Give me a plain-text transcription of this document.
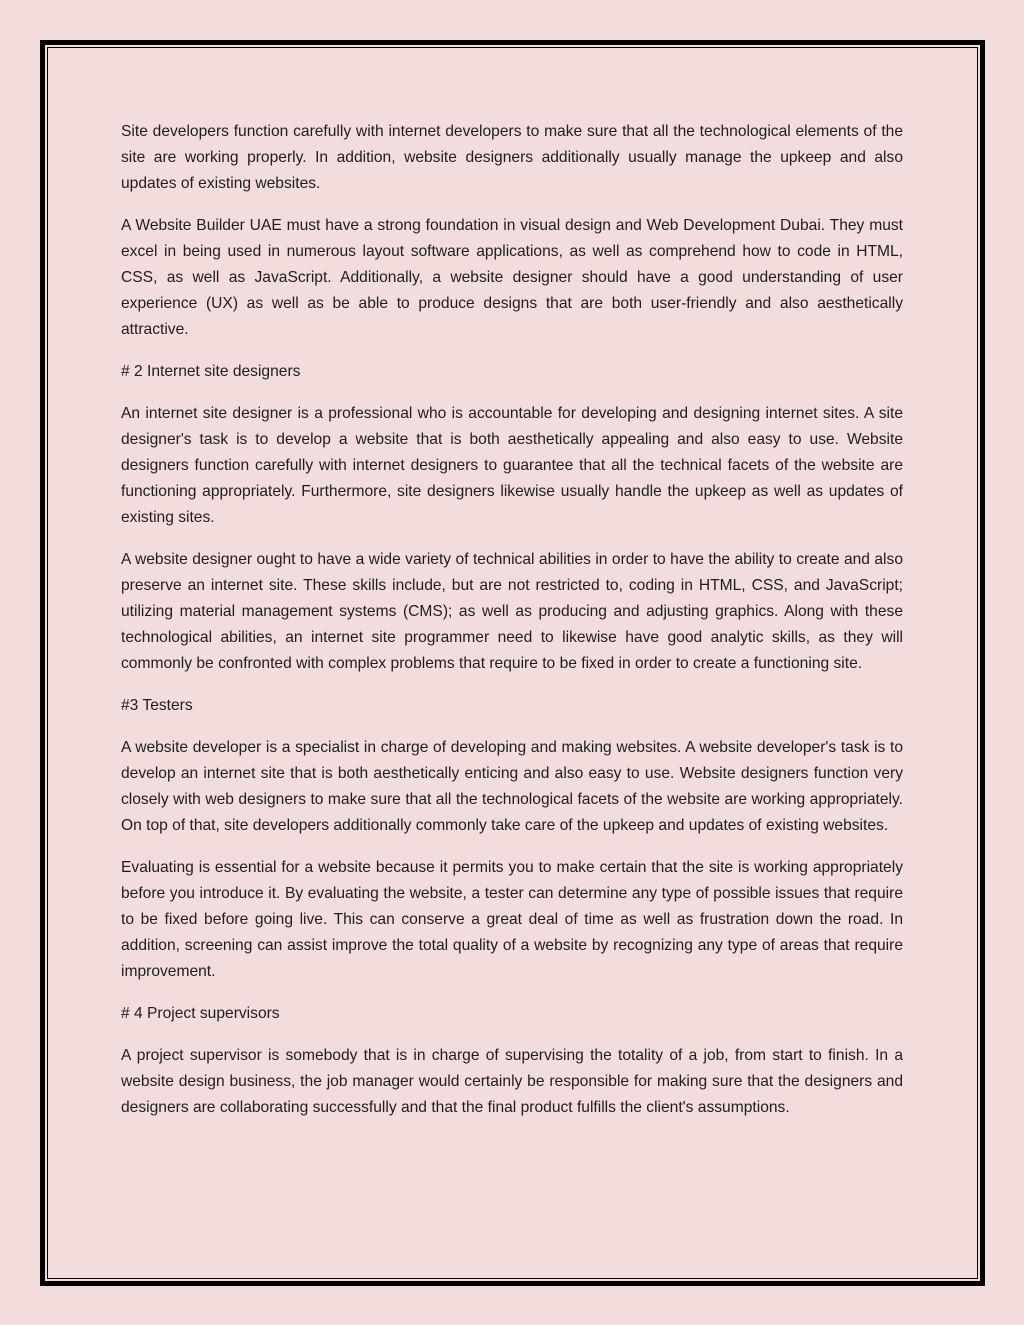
Site developers function carefully with internet developers to make sure that all the technological elements of the site are working properly. In addition, website designers additionally usually manage the upkeep and also updates of existing websites.

A Website Builder UAE must have a strong foundation in visual design and Web Development Dubai. They must excel in being used in numerous layout software applications, as well as comprehend how to code in HTML, CSS, as well as JavaScript. Additionally, a website designer should have a good understanding of user experience (UX) as well as be able to produce designs that are both user-friendly and also aesthetically attractive.

# 2 Internet site designers

An internet site designer is a professional who is accountable for developing and designing internet sites. A site designer's task is to develop a website that is both aesthetically appealing and also easy to use. Website designers function carefully with internet designers to guarantee that all the technical facets of the website are functioning appropriately. Furthermore, site designers likewise usually handle the upkeep as well as updates of existing sites.

A website designer ought to have a wide variety of technical abilities in order to have the ability to create and also preserve an internet site. These skills include, but are not restricted to, coding in HTML, CSS, and JavaScript; utilizing material management systems (CMS); as well as producing and adjusting graphics. Along with these technological abilities, an internet site programmer need to likewise have good analytic skills, as they will commonly be confronted with complex problems that require to be fixed in order to create a functioning site.

#3 Testers

A website developer is a specialist in charge of developing and making websites. A website developer's task is to develop an internet site that is both aesthetically enticing and also easy to use. Website designers function very closely with web designers to make sure that all the technological facets of the website are working appropriately. On top of that, site developers additionally commonly take care of the upkeep and updates of existing websites.

Evaluating is essential for a website because it permits you to make certain that the site is working appropriately before you introduce it. By evaluating the website, a tester can determine any type of possible issues that require to be fixed before going live. This can conserve a great deal of time as well as frustration down the road. In addition, screening can assist improve the total quality of a website by recognizing any type of areas that require improvement.

# 4 Project supervisors

A project supervisor is somebody that is in charge of supervising the totality of a job, from start to finish. In a website design business, the job manager would certainly be responsible for making sure that the designers and designers are collaborating successfully and that the final product fulfills the client's assumptions.
